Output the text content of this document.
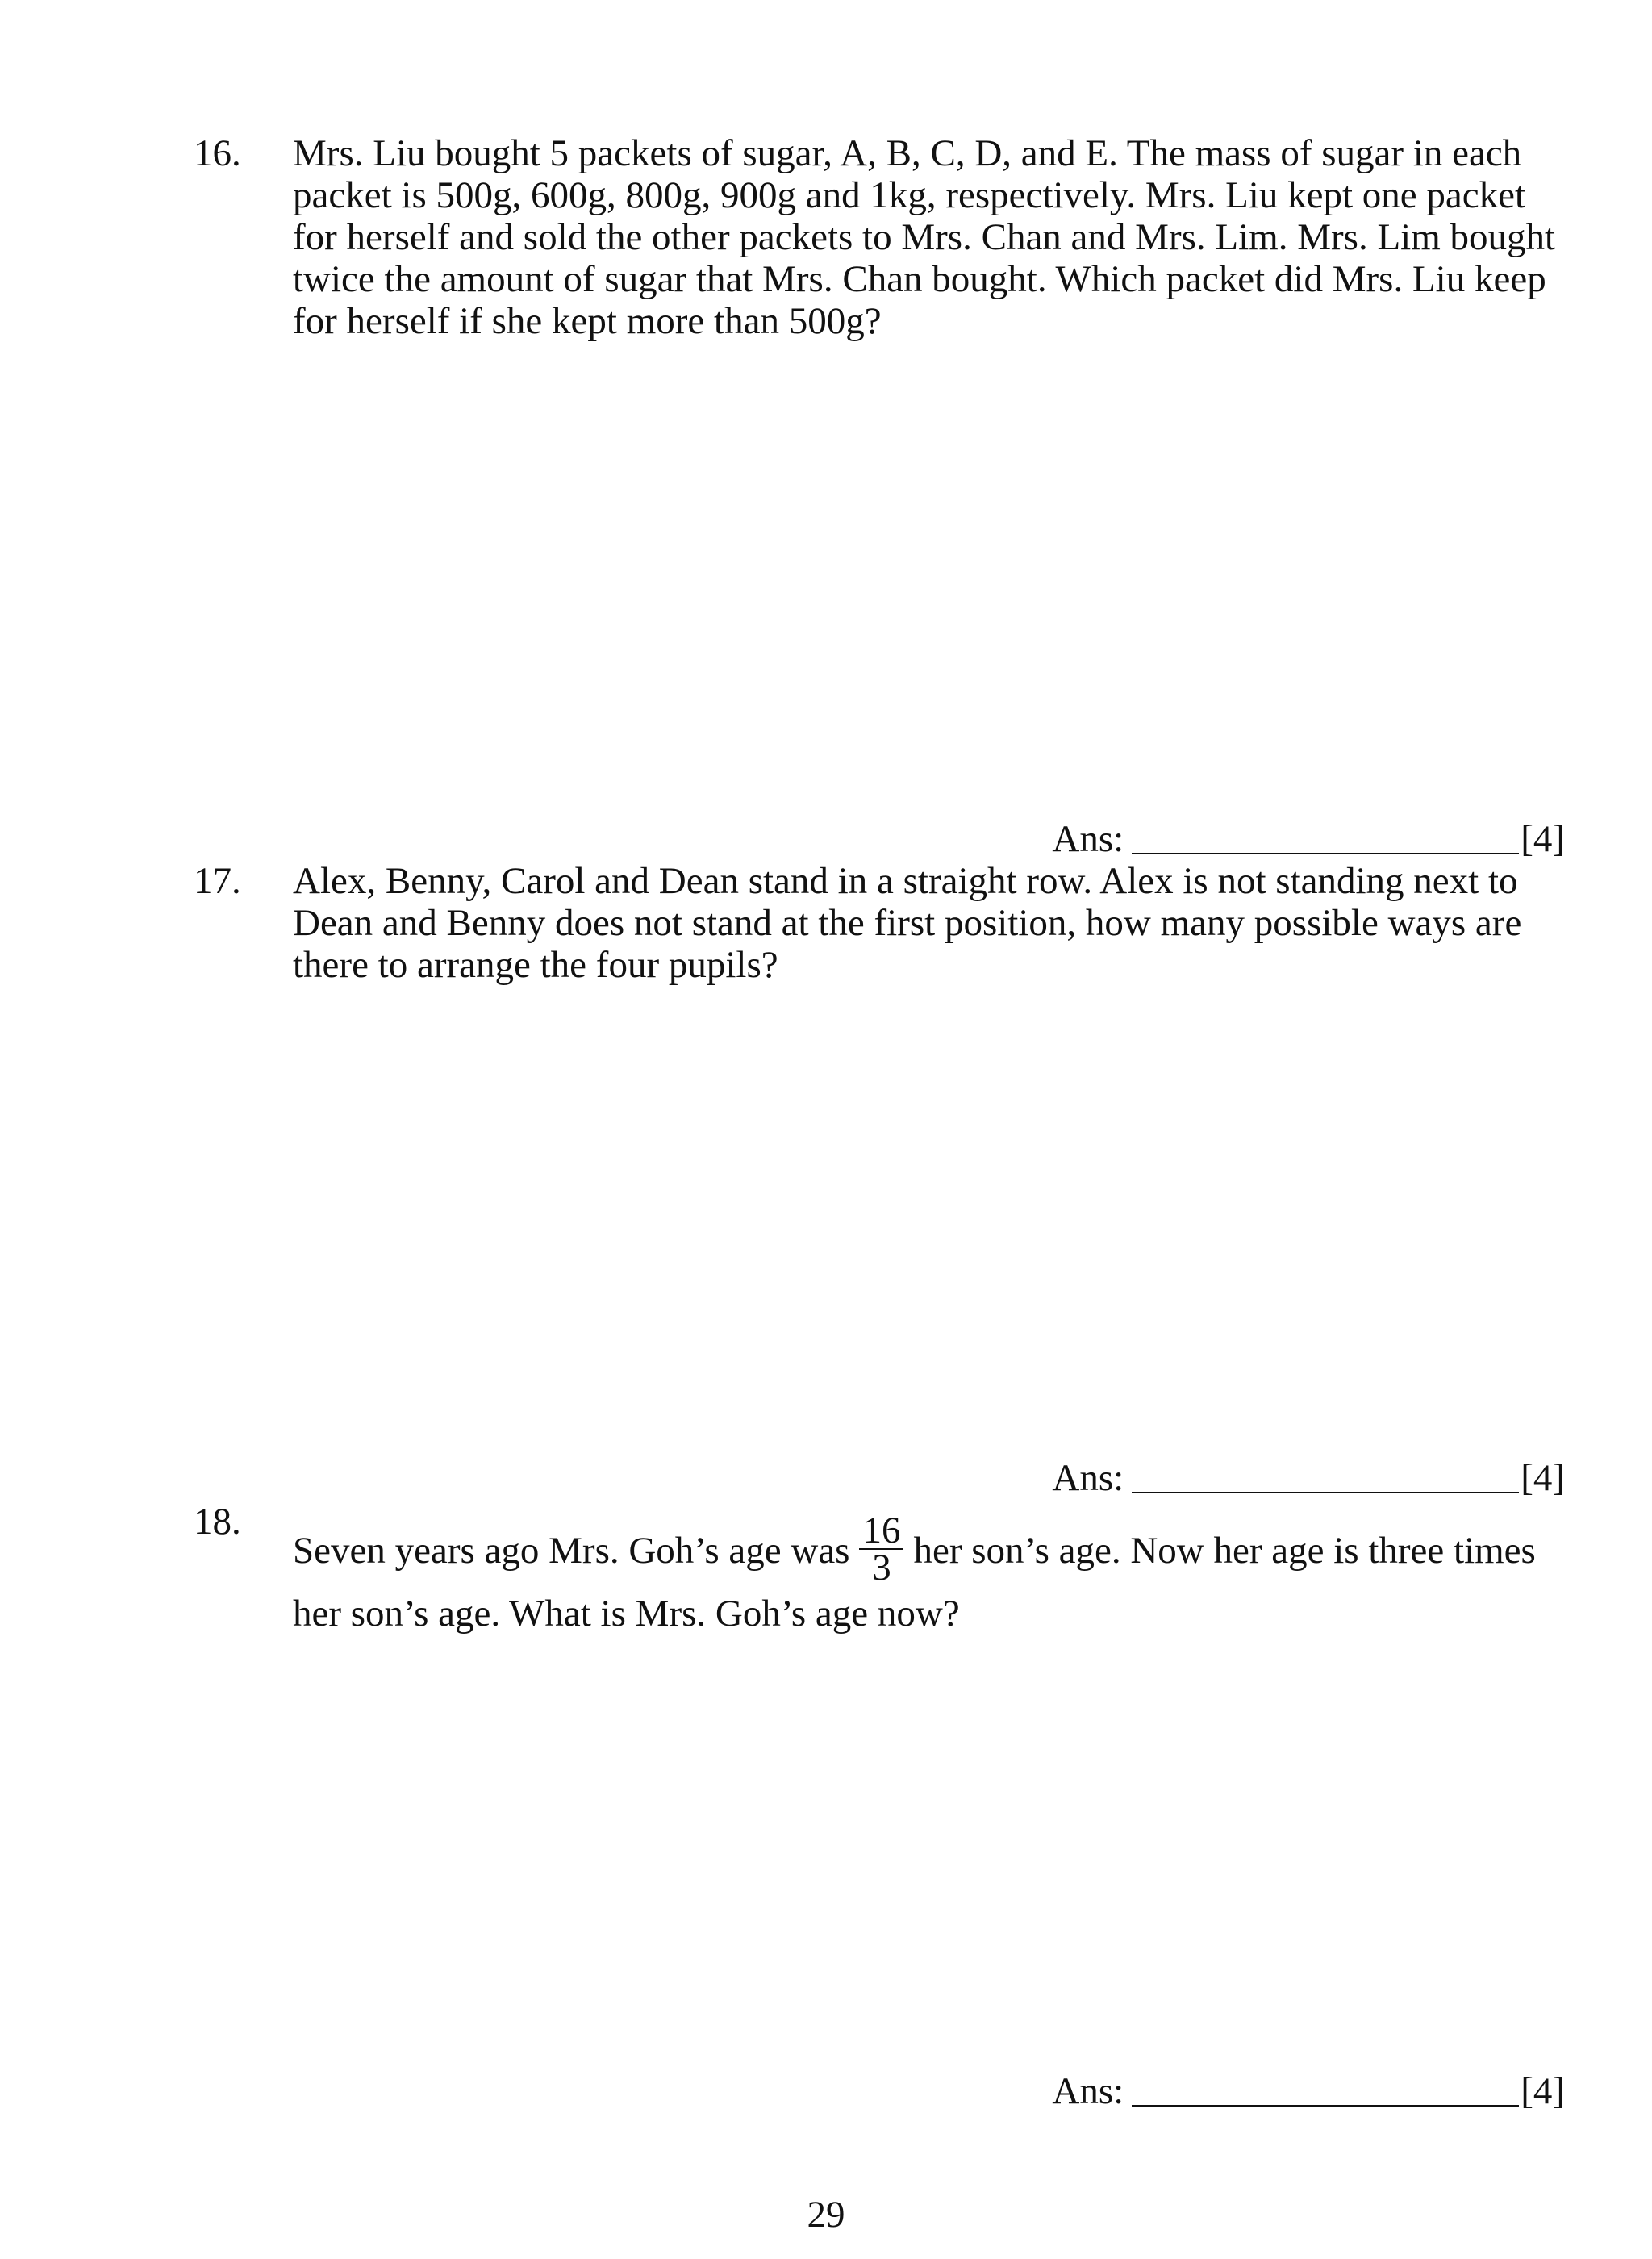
16. Mrs. Liu bought 5 packets of sugar, A, B, C, D, and E. The mass of sugar in each packet is 500g, 600g, 800g, 900g and 1kg, respectively. Mrs. Liu kept one packet for herself and sold the other packets to Mrs. Chan and Mrs. Lim. Mrs. Lim bought twice the amount of sugar that Mrs. Chan bought. Which packet did Mrs. Liu keep for herself if she kept more than 500g?
Ans:	[4]
17. Alex, Benny, Carol and Dean stand in a straight row. Alex is not standing next to Dean and Benny does not stand at the first position, how many possible ways are there to arrange the four pupils?
Ans:	[4]
18.
Seven years ago Mrs. Goh’s age was $\frac{16}{3}$ her son’s age. Now her age is three times
her son’s age. What is Mrs. Goh’s age now?
Ans:	[4]
29
